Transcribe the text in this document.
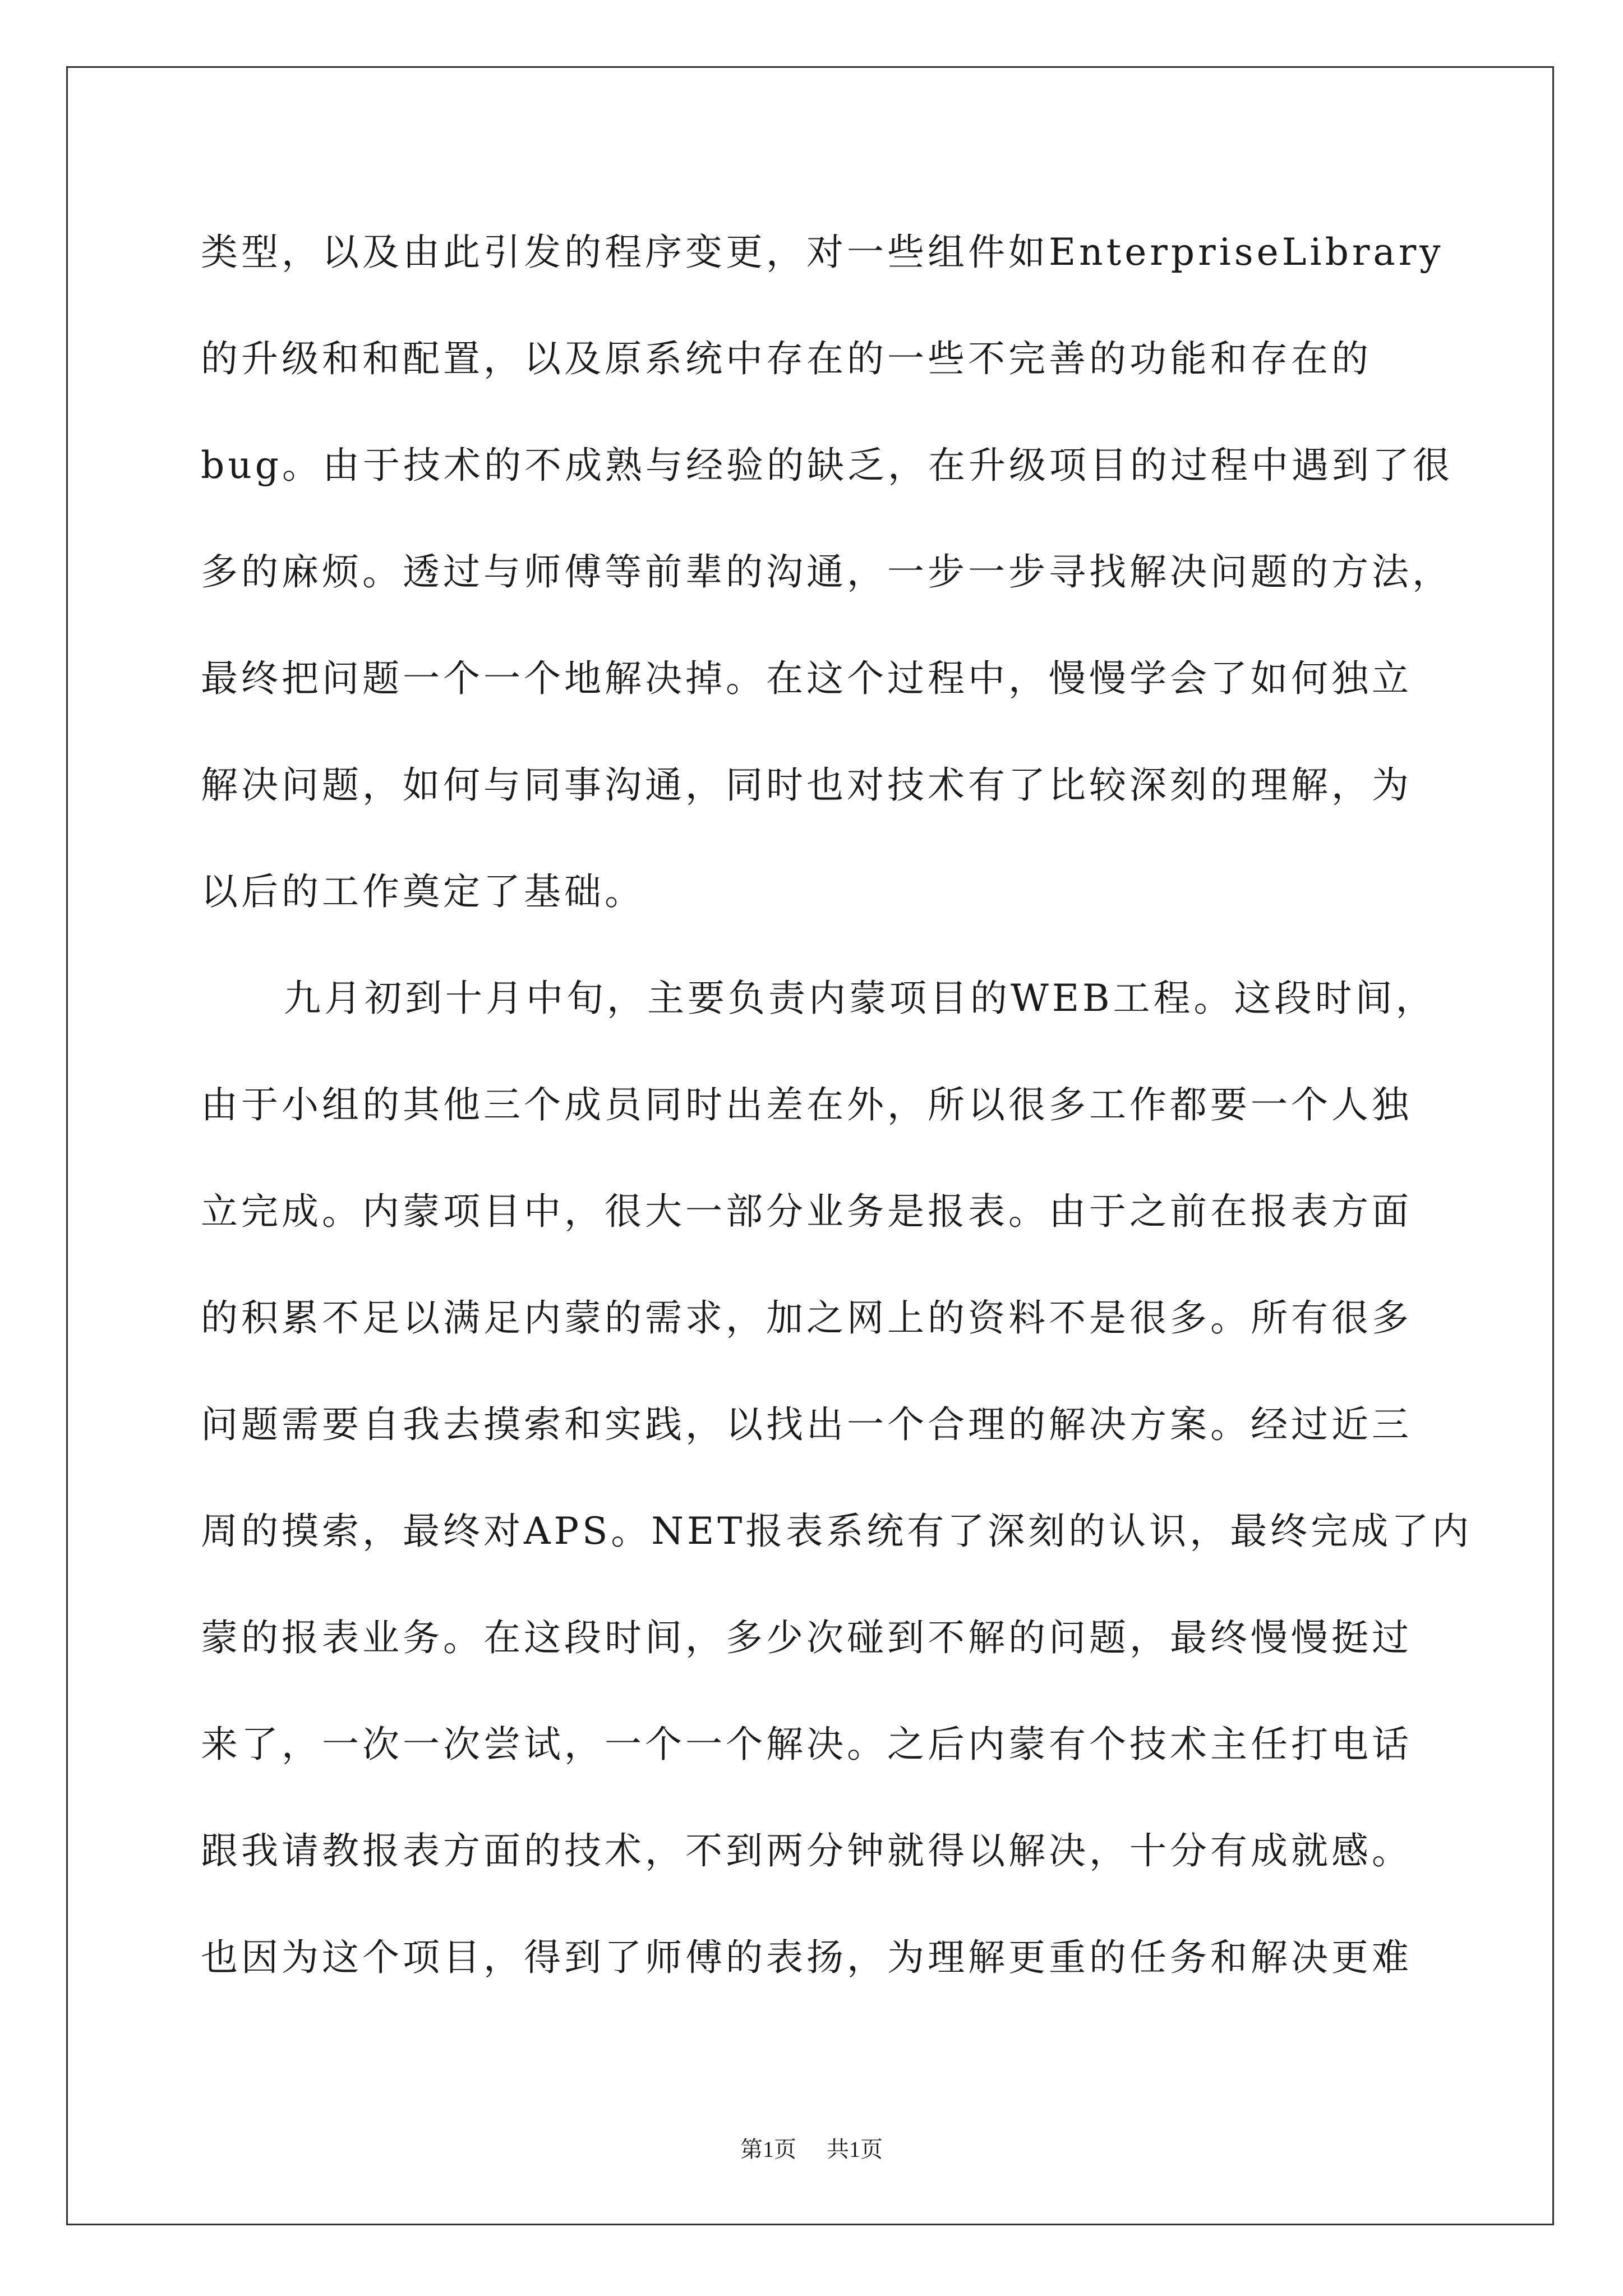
类型，以及由此引发的程序变更，对一些组件如EnterpriseLibrary
的升级和和配置，以及原系统中存在的一些不完善的功能和存在的
bug。由于技术的不成熟与经验的缺乏，在升级项目的过程中遇到了很
多的麻烦。透过与师傅等前辈的沟通，一步一步寻找解决问题的方法，
最终把问题一个一个地解决掉。在这个过程中，慢慢学会了如何独立
解决问题，如何与同事沟通，同时也对技术有了比较深刻的理解，为
以后的工作奠定了基础。
九月初到十月中旬，主要负责内蒙项目的WEB工程。这段时间，
由于小组的其他三个成员同时出差在外，所以很多工作都要一个人独
立完成。内蒙项目中，很大一部分业务是报表。由于之前在报表方面
的积累不足以满足内蒙的需求，加之网上的资料不是很多。所有很多
问题需要自我去摸索和实践，以找出一个合理的解决方案。经过近三
周的摸索，最终对APS。NET报表系统有了深刻的认识，最终完成了内
蒙的报表业务。在这段时间，多少次碰到不解的问题，最终慢慢挺过
来了，一次一次尝试，一个一个解决。之后内蒙有个技术主任打电话
跟我请教报表方面的技术，不到两分钟就得以解决，十分有成就感。
也因为这个项目，得到了师傅的表扬，为理解更重的任务和解决更难
第1页 共1页
